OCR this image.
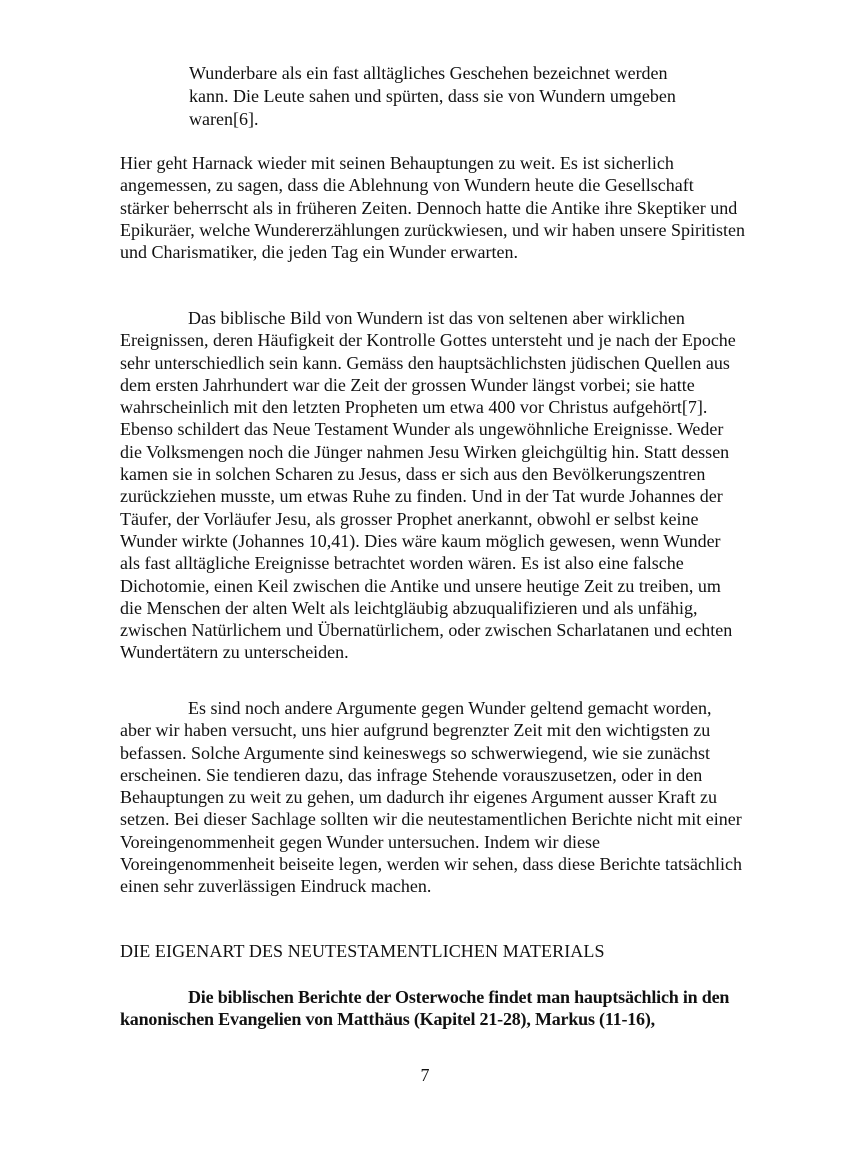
Wunderbare als ein fast alltägliches Geschehen bezeichnet werden kann. Die Leute sahen und spürten, dass sie von Wundern umgeben waren[6].

Hier geht Harnack wieder mit seinen Behauptungen zu weit. Es ist sicherlich angemessen, zu sagen, dass die Ablehnung von Wundern heute die Gesellschaft stärker beherrscht als in früheren Zeiten. Dennoch hatte die Antike ihre Skeptiker und Epikuräer, welche Wundererzählungen zurückwiesen, und wir haben unsere Spiritisten und Charismatiker, die jeden Tag ein Wunder erwarten.

Das biblische Bild von Wundern ist das von seltenen aber wirklichen Ereignissen, deren Häufigkeit der Kontrolle Gottes untersteht und je nach der Epoche sehr unterschiedlich sein kann. Gemäss den hauptsächlichsten jüdischen Quellen aus dem ersten Jahrhundert war die Zeit der grossen Wunder längst vorbei; sie hatte wahrscheinlich mit den letzten Propheten um etwa 400 vor Christus aufgehört[7]. Ebenso schildert das Neue Testament Wunder als ungewöhnliche Ereignisse. Weder die Volksmengen noch die Jünger nahmen Jesu Wirken gleichgültig hin. Statt dessen kamen sie in solchen Scharen zu Jesus, dass er sich aus den Bevölkerungszentren zurückziehen musste, um etwas Ruhe zu finden. Und in der Tat wurde Johannes der Täufer, der Vorläufer Jesu, als grosser Prophet anerkannt, obwohl er selbst keine Wunder wirkte (Johannes 10,41). Dies wäre kaum möglich gewesen, wenn Wunder als fast alltägliche Ereignisse betrachtet worden wären. Es ist also eine falsche Dichotomie, einen Keil zwischen die Antike und unsere heutige Zeit zu treiben, um die Menschen der alten Welt als leichtgläubig abzuqualifizieren und als unfähig, zwischen Natürlichem und Übernatürlichem, oder zwischen Scharlatanen und echten Wundertätern zu unterscheiden.

Es sind noch andere Argumente gegen Wunder geltend gemacht worden, aber wir haben versucht, uns hier aufgrund begrenzter Zeit mit den wichtigsten zu befassen. Solche Argumente sind keineswegs so schwerwiegend, wie sie zunächst erscheinen. Sie tendieren dazu, das infrage Stehende vorauszusetzen, oder in den Behauptungen zu weit zu gehen, um dadurch ihr eigenes Argument ausser Kraft zu setzen. Bei dieser Sachlage sollten wir die neutestamentlichen Berichte nicht mit einer Voreingenommenheit gegen Wunder untersuchen. Indem wir diese Voreingenommenheit beiseite legen, werden wir sehen, dass diese Berichte tatsächlich einen sehr zuverlässigen Eindruck machen.

DIE EIGENART DES NEUTESTAMENTLICHEN MATERIALS

Die biblischen Berichte der Osterwoche findet man hauptsächlich in den kanonischen Evangelien von Matthäus (Kapitel 21-28), Markus (11-16),

7
